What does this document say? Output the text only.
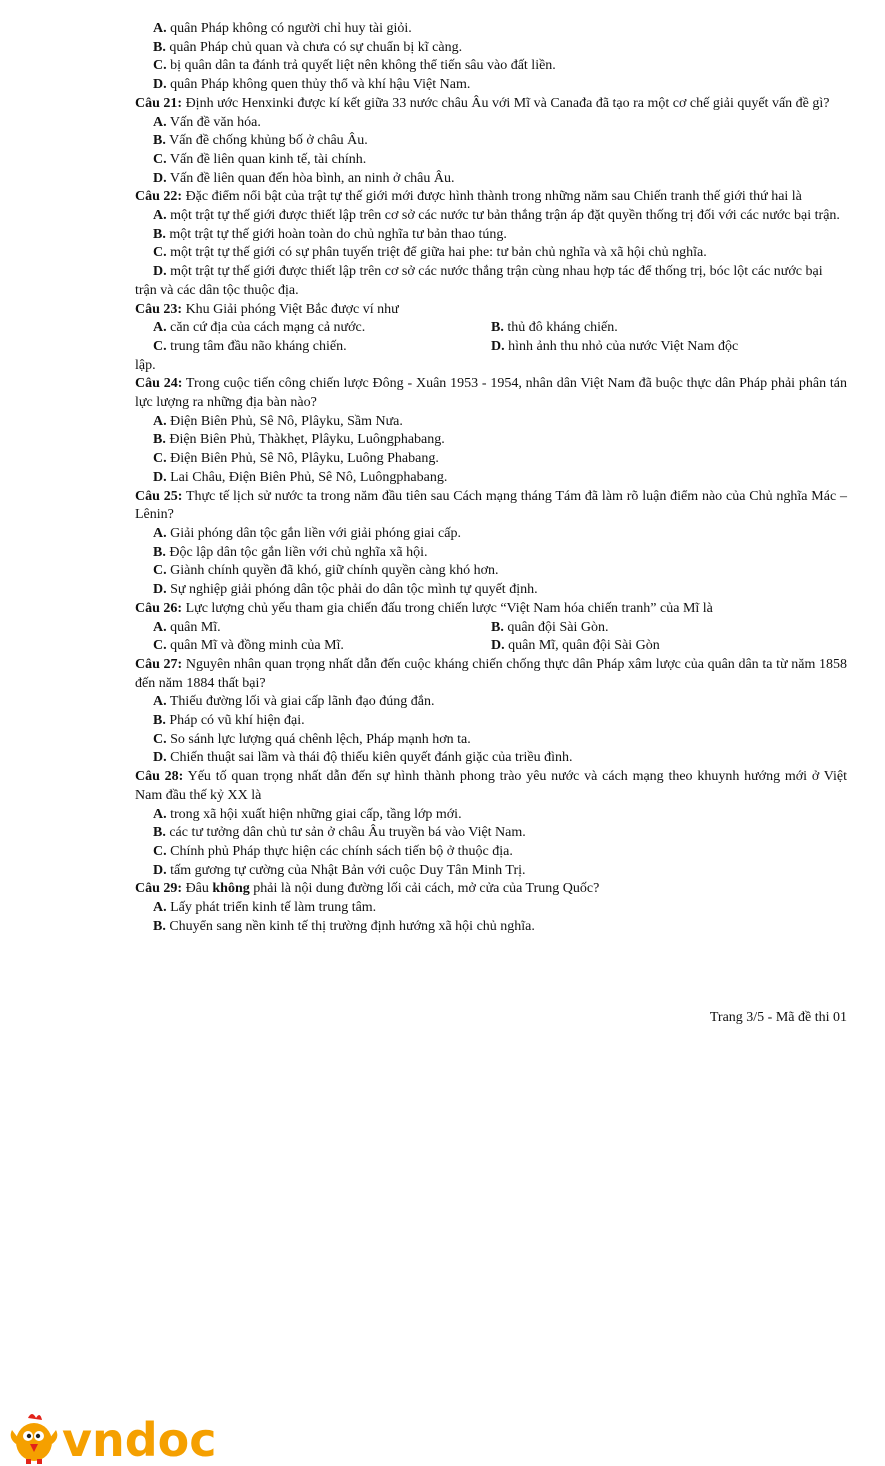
A. quân Pháp không có người chỉ huy tài giỏi.
B. quân Pháp chủ quan và chưa có sự chuẩn bị kĩ càng.
C. bị quân dân ta đánh trả quyết liệt nên không thể tiến sâu vào đất liền.
D. quân Pháp không quen thủy thổ và khí hậu Việt Nam.
Câu 21: Định ước Henxinki được kí kết giữa 33 nước châu Âu với Mĩ và Canađa đã tạo ra một cơ chế giải quyết vấn đề gì?
A. Vấn đề văn hóa.
B. Vấn đề chống khủng bố ở châu Âu.
C. Vấn đề liên quan kinh tế, tài chính.
D. Vấn đề liên quan đến hòa bình, an ninh ở châu Âu.
Câu 22: Đặc điểm nổi bật của trật tự thế giới mới được hình thành trong những năm sau Chiến tranh thế giới thứ hai là
A. một trật tự thế giới được thiết lập trên cơ sở các nước tư bản thắng trận áp đặt quyền thống trị đối với các nước bại trận.
B. một trật tự thế giới hoàn toàn do chủ nghĩa tư bản thao túng.
C. một trật tự thế giới có sự phân tuyến triệt để giữa hai phe: tư bản chủ nghĩa và xã hội chủ nghĩa.
D. một trật tự thế giới được thiết lập trên cơ sở các nước thắng trận cùng nhau hợp tác để thống trị, bóc lột các nước bại trận và các dân tộc thuộc địa.
Câu 23: Khu Giải phóng Việt Bắc được ví như
A. căn cứ địa của cách mạng cả nước.	B. thủ đô kháng chiến.
C. trung tâm đầu não kháng chiến.	D. hình ảnh thu nhỏ của nước Việt Nam độc
lập.
Câu 24: Trong cuộc tiến công chiến lược Đông - Xuân 1953 - 1954, nhân dân Việt Nam đã buộc thực dân Pháp phải phân tán lực lượng ra những địa bàn nào?
A. Điện Biên Phủ, Sê Nô, Plâyku, Sầm Nưa.
B. Điện Biên Phủ, Thàkhẹt, Plâyku, Luôngphabang.
C. Điện Biên Phủ, Sê Nô, Plâyku, Luông Phabang.
D. Lai Châu, Điện Biên Phủ, Sê Nô, Luôngphabang.
Câu 25: Thực tế lịch sử nước ta trong năm đầu tiên sau Cách mạng tháng Tám đã làm rõ luận điểm nào của Chủ nghĩa Mác – Lênin?
A. Giải phóng dân tộc gắn liền với giải phóng giai cấp.
B. Độc lập dân tộc gắn liền với chủ nghĩa xã hội.
C. Giành chính quyền đã khó, giữ chính quyền càng khó hơn.
D. Sự nghiệp giải phóng dân tộc phải do dân tộc mình tự quyết định.
Câu 26: Lực lượng chủ yếu tham gia chiến đấu trong chiến lược “Việt Nam hóa chiến tranh” của Mĩ là
A. quân Mĩ.	B. quân đội Sài Gòn.
C. quân Mĩ và đồng minh của Mĩ.	D. quân Mĩ, quân đội Sài Gòn
Câu 27: Nguyên nhân quan trọng nhất dẫn đến cuộc kháng chiến chống thực dân Pháp xâm lược của quân dân ta từ năm 1858 đến năm 1884 thất bại?
A. Thiếu đường lối và giai cấp lãnh đạo đúng đắn.
B. Pháp có vũ khí hiện đại.
C. So sánh lực lượng quá chênh lệch, Pháp mạnh hơn ta.
D. Chiến thuật sai lầm và thái độ thiếu kiên quyết đánh giặc của triều đình.
Câu 28: Yếu tố quan trọng nhất dẫn đến sự hình thành phong trào yêu nước và cách mạng theo khuynh hướng mới ở Việt Nam đầu thế kỷ XX là
A. trong xã hội xuất hiện những giai cấp, tầng lớp mới.
B. các tư tưởng dân chủ tư sản ở châu Âu truyền bá vào Việt Nam.
C. Chính phủ Pháp thực hiện các chính sách tiến bộ ở thuộc địa.
D. tấm gương tự cường của Nhật Bản với cuộc Duy Tân Minh Trị.
Câu 29: Đâu không phải là nội dung đường lối cải cách, mở cửa của Trung Quốc?
A. Lấy phát triển kinh tế làm trung tâm.
B. Chuyển sang nền kinh tế thị trường định hướng xã hội chủ nghĩa.
Trang 3/5 - Mã đề thi 01
vndoc
